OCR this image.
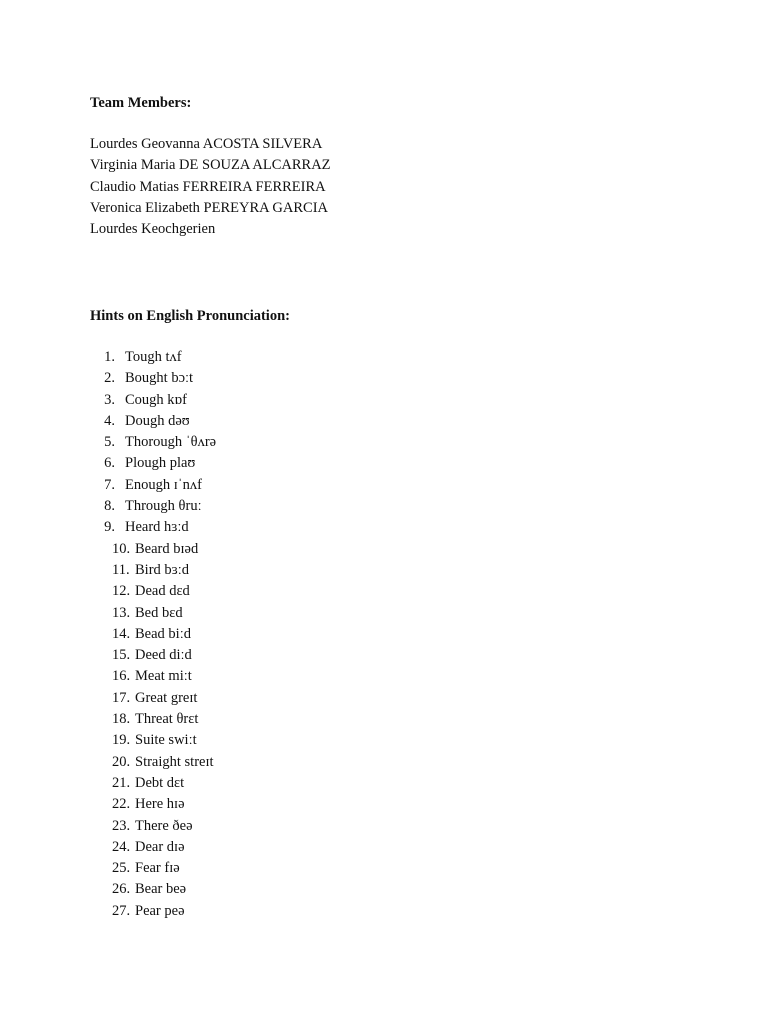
Team Members:

Lourdes Geovanna ACOSTA SILVERA
Virginia Maria DE SOUZA ALCARRAZ
Claudio Matias FERREIRA FERREIRA
Veronica Elizabeth PEREYRA GARCIA
Lourdes Keochgerien

Hints on English Pronunciation:

1. Tough tʌf
2. Bought bɔːt
3. Cough kɒf
4. Dough dəʊ
5. Thorough ˈθʌrə
6. Plough plaʊ
7. Enough ɪˈnʌf
8. Through θruː
9. Heard hɜːd
10. Beard bɪəd
11. Bird bɜːd
12. Dead dɛd
13. Bed bɛd
14. Bead biːd
15. Deed diːd
16. Meat miːt
17. Great greɪt
18. Threat θrɛt
19. Suite swiːt
20. Straight streɪt
21. Debt dɛt
22. Here hɪə
23. There ðeə
24. Dear dɪə
25. Fear fɪə
26. Bear beə
27. Pear peə
